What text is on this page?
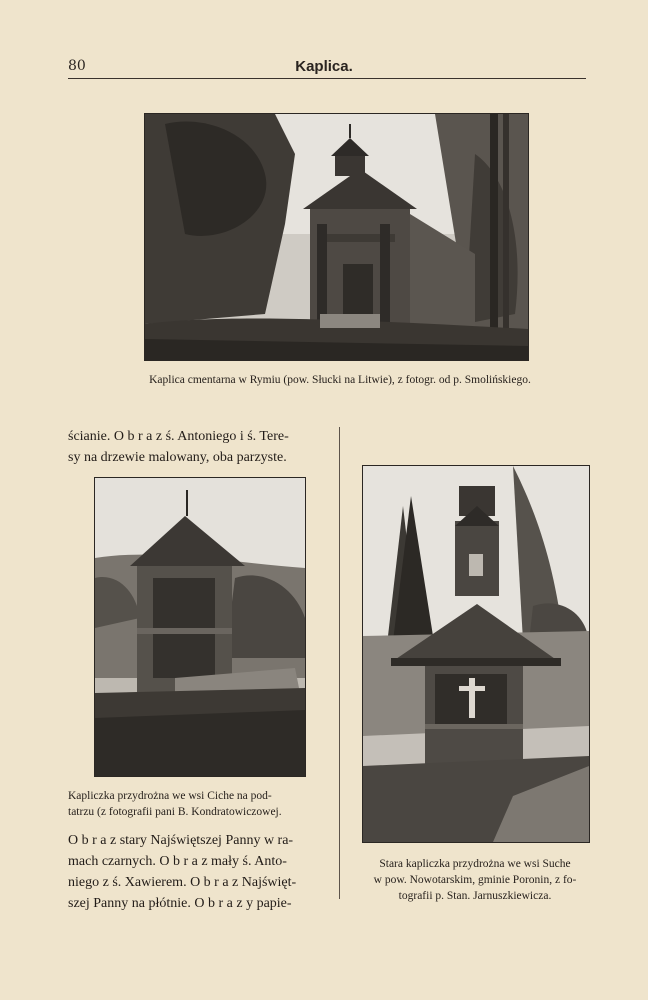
80	Kaplica.
Kaplica cmentarna w Rymiu (pow. Słucki na Litwie), z fotogr. od p. Smolińskiego.

ścianie. O b r a z ś. Antoniego i ś. Tere-

sy na drzewie malowany, oba parzyste.

Kapliczka przydrożna we wsi Ciche na pod-
tatrzu (z fotografii pani B. Kondratowiczowej.

O b r a z stary Najświętszej Panny w ra-

mach czarnych. O b r a z mały ś. Anto-

niego z ś. Xawierem. O b r a z Najświęt-

szej Panny na płótnie. O b r a z y papie-

Stara kapliczka przydrożna we wsi Suche
w pow. Nowotarskim, gminie Poronin, z fo-
tografii p. Stan. Jarnuszkiewicza.
